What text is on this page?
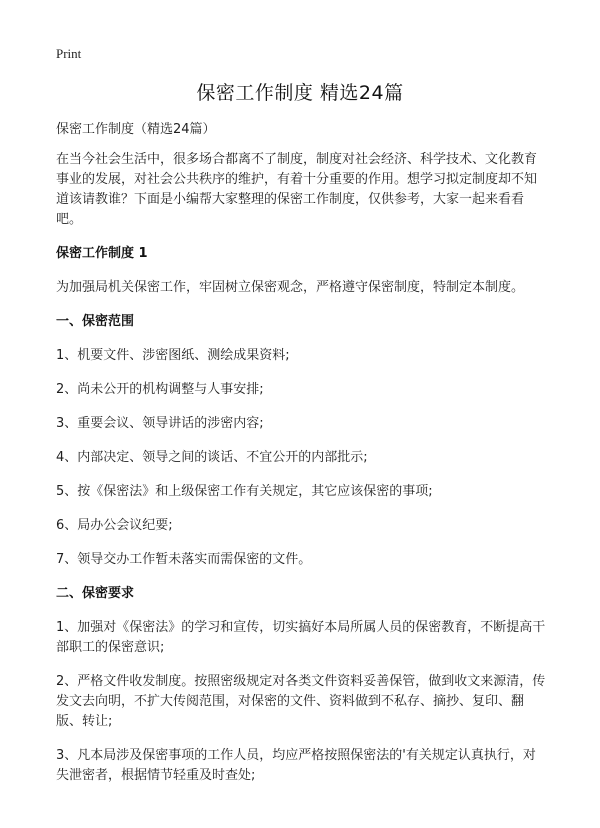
Print
保密工作制度 精选24篇

保密工作制度（精选24篇）

在当今社会生活中，很多场合都离不了制度，制度对社会经济、科学技术、文化教育事业的发展，对社会公共秩序的维护，有着十分重要的作用。想学习拟定制度却不知道该请教谁？下面是小编帮大家整理的保密工作制度，仅供参考，大家一起来看看吧。

保密工作制度 1

为加强局机关保密工作，牢固树立保密观念，严格遵守保密制度，特制定本制度。

一、保密范围

1、机要文件、涉密图纸、测绘成果资料;

2、尚未公开的机构调整与人事安排;

3、重要会议、领导讲话的涉密内容;

4、内部决定、领导之间的谈话、不宜公开的内部批示;

5、按《保密法》和上级保密工作有关规定，其它应该保密的事项;

6、局办公会议纪要;

7、领导交办工作暂未落实而需保密的文件。

二、保密要求

1、加强对《保密法》的学习和宣传，切实搞好本局所属人员的保密教育，不断提高干部职工的保密意识;

2、严格文件收发制度。按照密级规定对各类文件资料妥善保管，做到收文来源清，传发文去向明，不扩大传阅范围，对保密的文件、资料做到不私存、摘抄、复印、翻版、转让;

3、凡本局涉及保密事项的工作人员，均应严格按照保密法的'有关规定认真执行，对失泄密者，根据情节轻重及时查处;
